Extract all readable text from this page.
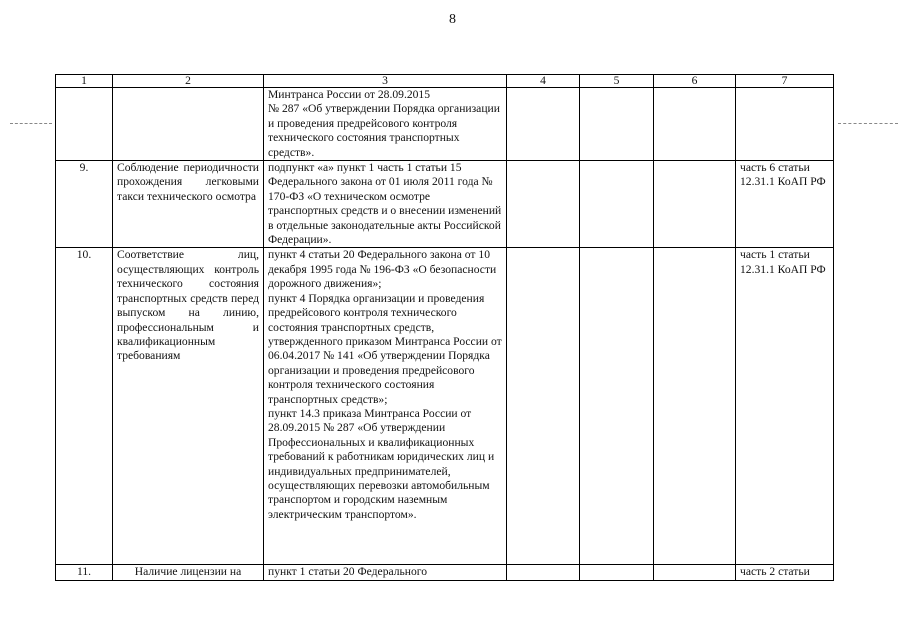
8
1	2	3	4	5	6	7
		Минтранса России от 28.09.2015
№ 287 «Об утверждении Порядка организации и проведения предрейсового контроля технического состояния транспортных средств».				
9.	Соблюдение периодичности прохождения легковыми такси технического осмотра	подпункт «а» пункт 1 часть 1 статьи 15 Федерального закона от 01 июля 2011 года № 170-ФЗ «О техническом осмотре транспортных средств и о внесении изменений в отдельные законодательные акты Российской Федерации».				часть 6 статьи 12.31.1 КоАП РФ
10.	Соответствие лиц, осуществляющих контроль технического состояния транспортных средств перед выпуском на линию, профессиональным и квалификационным требованиям	пункт 4 статьи 20 Федерального закона от 10 декабря 1995 года № 196-ФЗ «О безопасности дорожного движения»;
пункт 4 Порядка организации и проведения предрейсового контроля технического состояния транспортных средств, утвержденного приказом Минтранса России от 06.04.2017 № 141 «Об утверждении Порядка организации и проведения предрейсового контроля технического состояния транспортных средств»;
пункт 14.3 приказа Минтранса России от 28.09.2015 № 287 «Об утверждении Профессиональных и квалификационных требований к работникам юридических лиц и индивидуальных предпринимателей, осуществляющих перевозки автомобильным транспортом и городским наземным электрическим транспортом».				часть 1 статьи 12.31.1 КоАП РФ
11.	Наличие лицензии на	пункт 1 статьи 20 Федерального				часть 2 статьи
